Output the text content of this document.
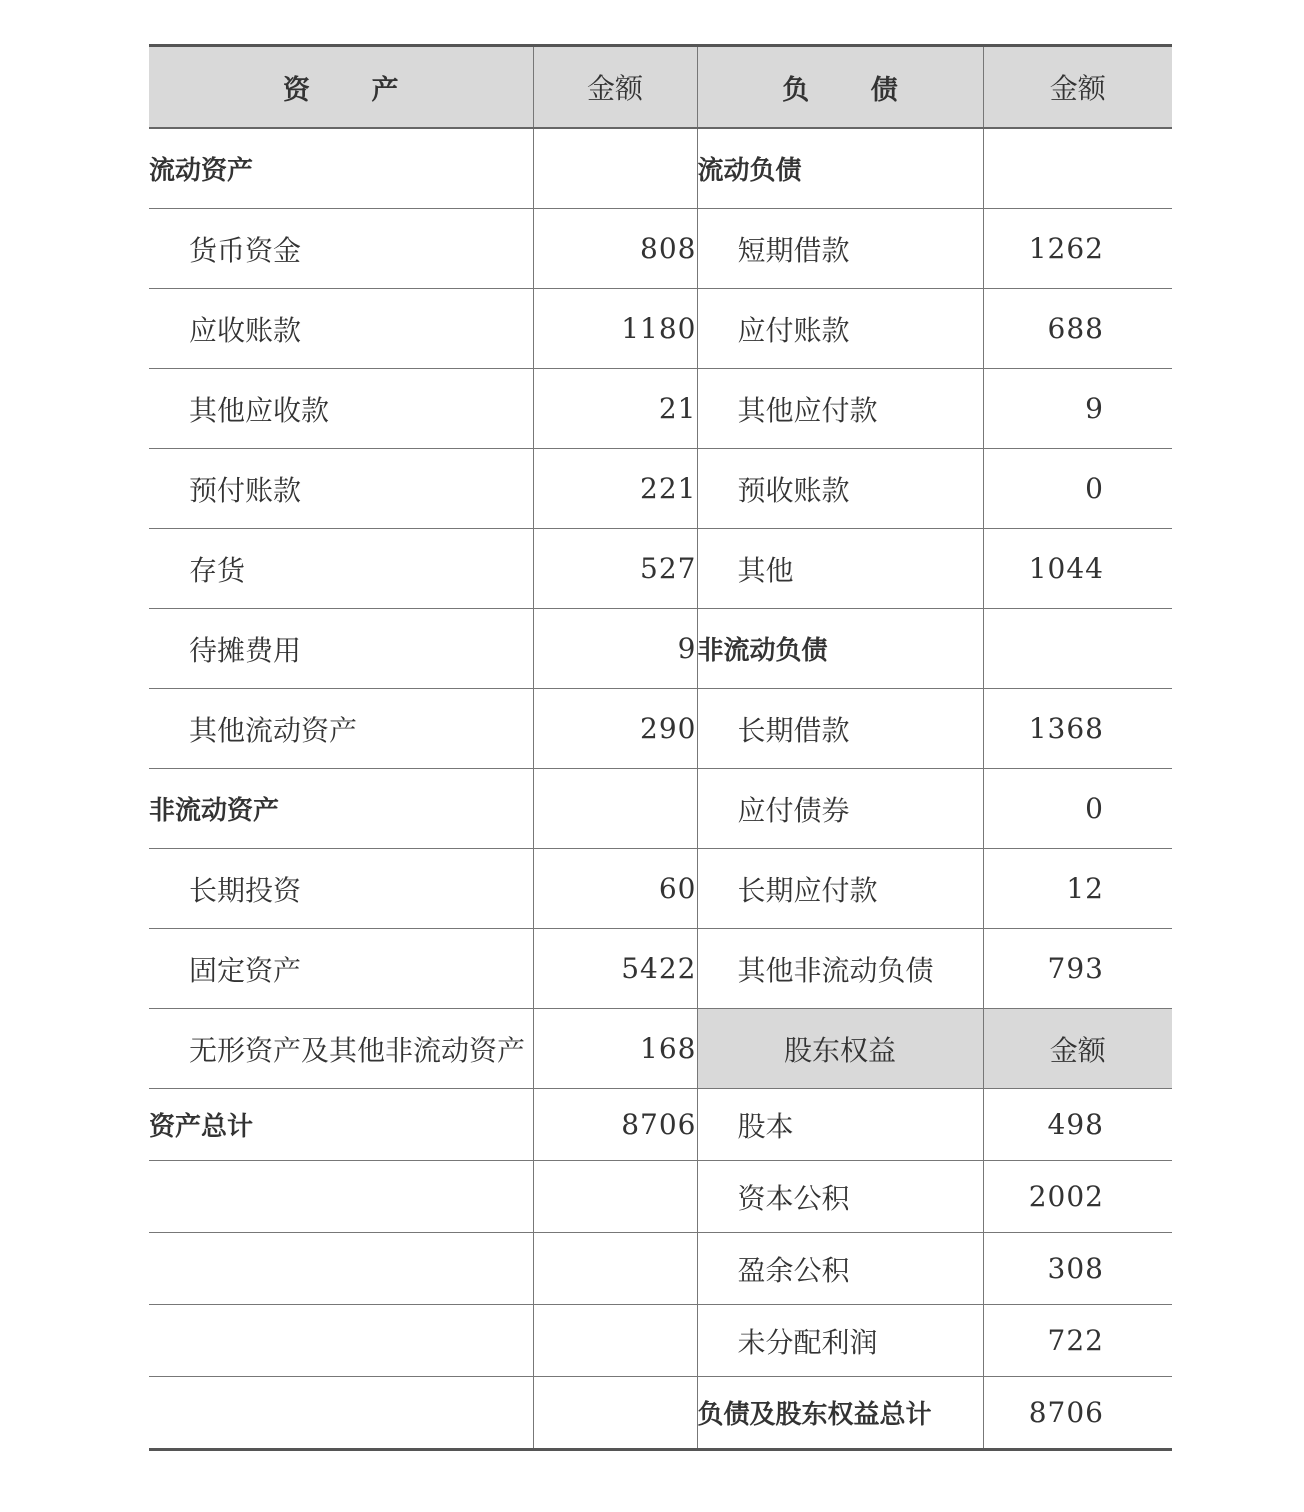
资 产	金额	负 债	金额
流动资产		流动负债	
货币资金	808	短期借款	1262
应收账款	1180	应付账款	688
其他应收款	21	其他应付款	9
预付账款	221	预收账款	0
存货	527	其他	1044
待摊费用	9	非流动负债	
其他流动资产	290	长期借款	1368
非流动资产		应付债券	0
长期投资	60	长期应付款	12
固定资产	5422	其他非流动负债	793
无形资产及其他非流动资产	168	股东权益	金额
资产总计	8706	股本	498
		资本公积	2002
		盈余公积	308
		未分配利润	722
		负债及股东权益总计	8706
